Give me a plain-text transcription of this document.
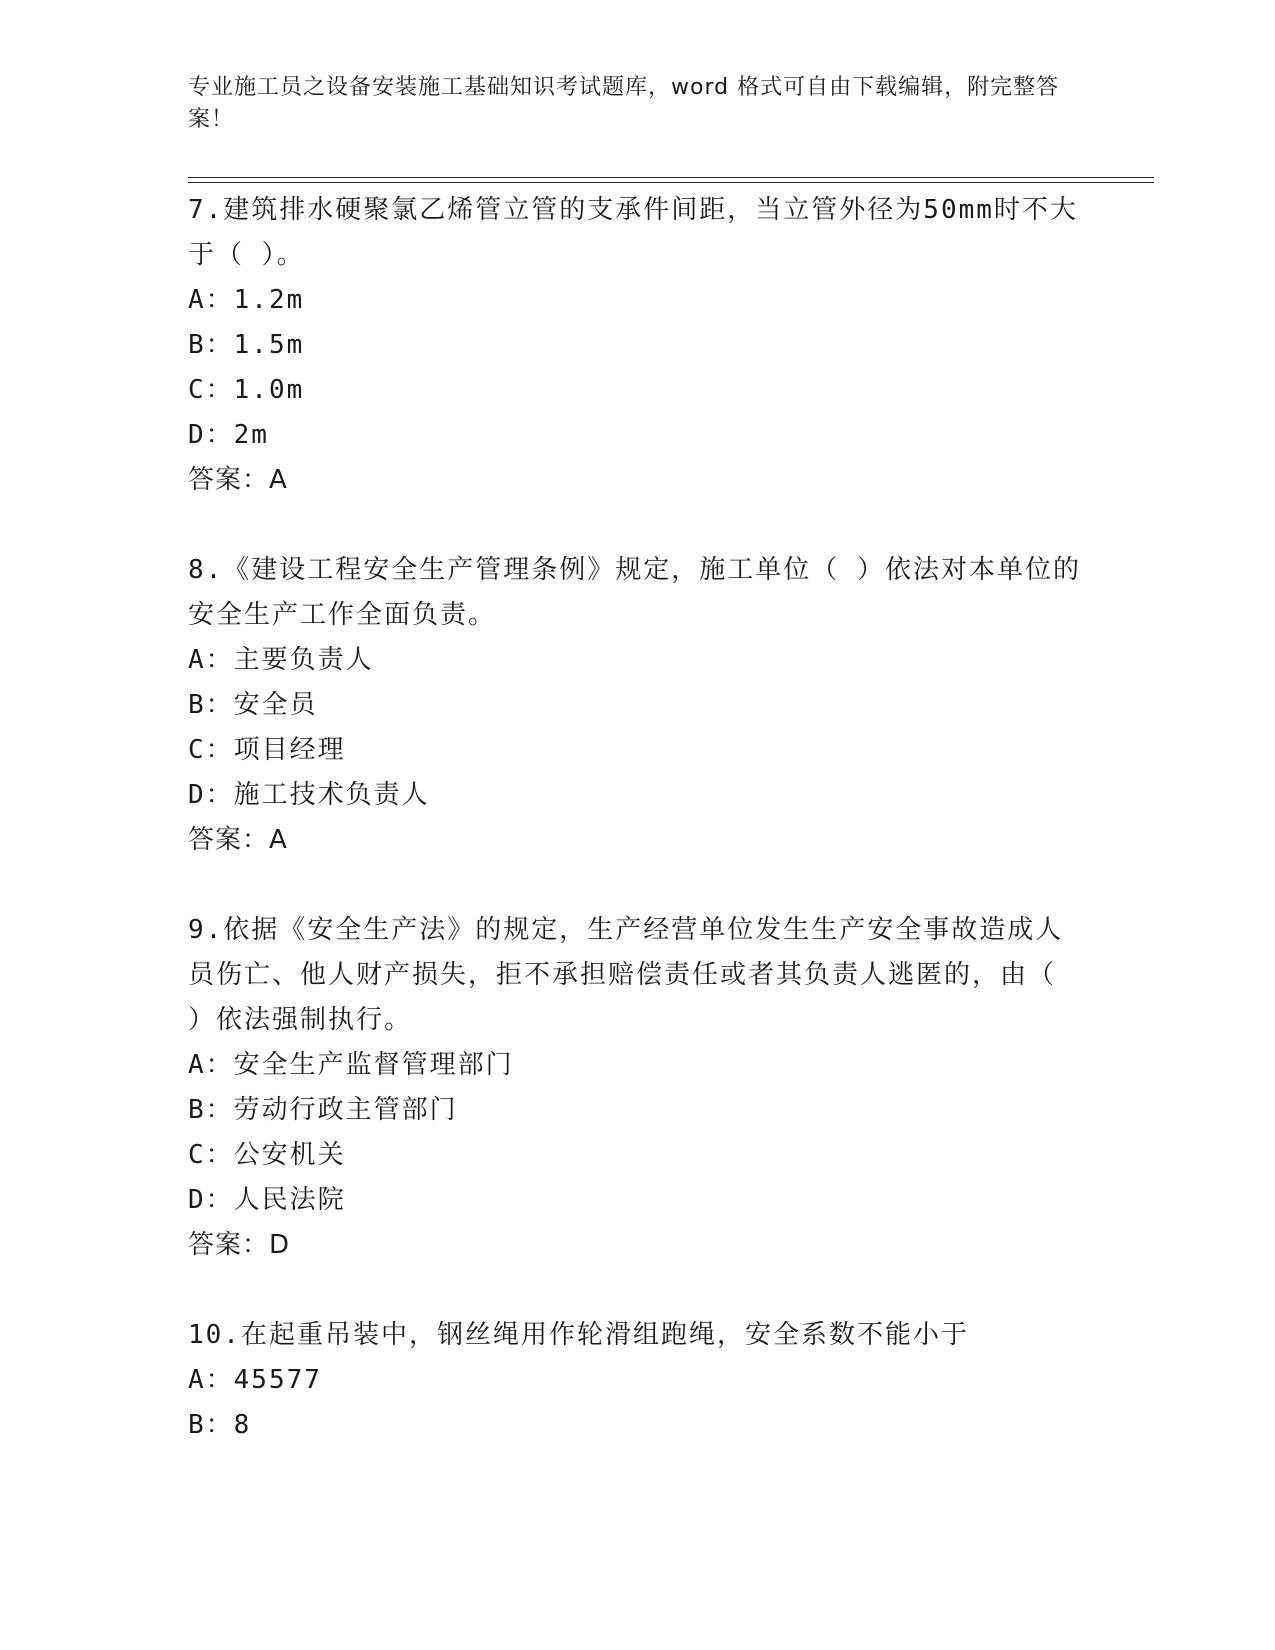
专业施工员之设备安装施工基础知识考试题库，word 格式可自由下载编辑，附完整答案！

7.建筑排水硬聚氯乙烯管立管的支承件间距，当立管外径为50mm时不大于（ ）。

A：1.2m

B：1.5m

C：1.0m

D：2m

答案：A

8.《建设工程安全生产管理条例》规定，施工单位（ ）依法对本单位的安全生产工作全面负责。

A：主要负责人

B：安全员

C：项目经理

D：施工技术负责人

答案：A

9.依据《安全生产法》的规定，生产经营单位发生生产安全事故造成人员伤亡、他人财产损失，拒不承担赔偿责任或者其负责人逃匿的，由（ ）依法强制执行。

A：安全生产监督管理部门

B：劳动行政主管部门

C：公安机关

D：人民法院

答案：D

10.在起重吊装中，钢丝绳用作轮滑组跑绳，安全系数不能小于

A：45577

B：8
